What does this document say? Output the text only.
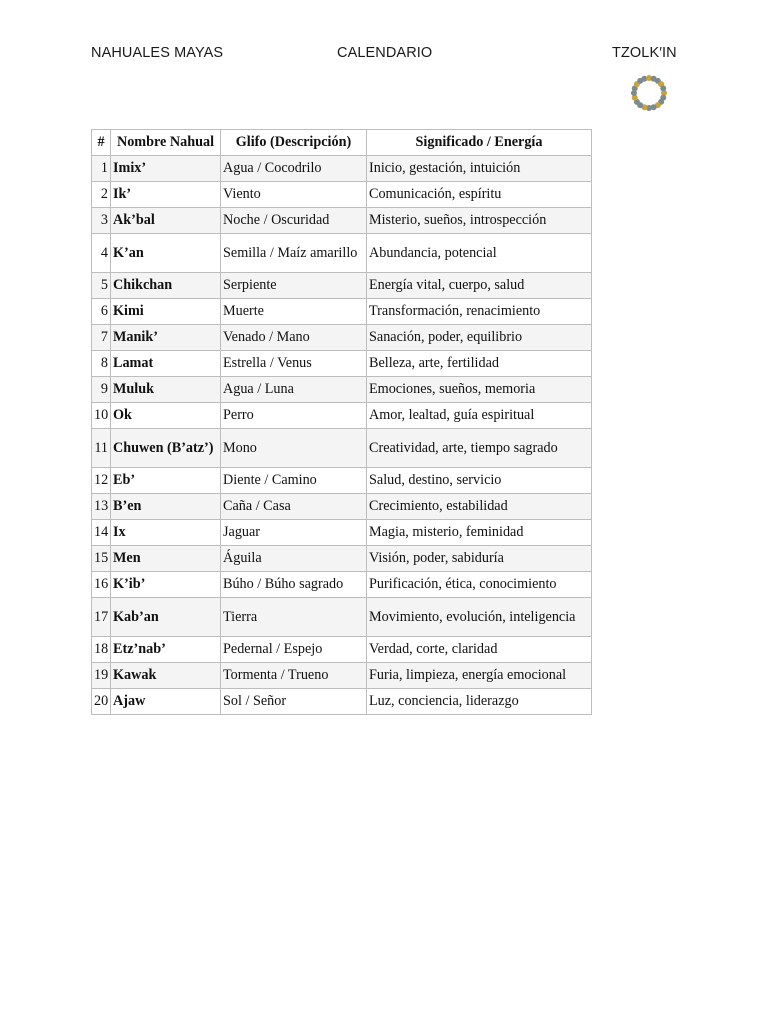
NAHUALES MAYAS	CALENDARIO	TZOLK′IN
#	Nombre Nahual	Glifo (Descripción)	Significado / Energía
1	Imix’	Agua / Cocodrilo	Inicio, gestación, intuición
2	Ik’	Viento	Comunicación, espíritu
3	Ak’bal	Noche / Oscuridad	Misterio, sueños, introspección
4	K’an	Semilla / Maíz amarillo	Abundancia, potencial
5	Chikchan	Serpiente	Energía vital, cuerpo, salud
6	Kimi	Muerte	Transformación, renacimiento
7	Manik’	Venado / Mano	Sanación, poder, equilibrio
8	Lamat	Estrella / Venus	Belleza, arte, fertilidad
9	Muluk	Agua / Luna	Emociones, sueños, memoria
10	Ok	Perro	Amor, lealtad, guía espiritual
11	Chuwen (B’atz’)	Mono	Creatividad, arte, tiempo sagrado
12	Eb’	Diente / Camino	Salud, destino, servicio
13	B’en	Caña / Casa	Crecimiento, estabilidad
14	Ix	Jaguar	Magia, misterio, feminidad
15	Men	Águila	Visión, poder, sabiduría
16	K’ib’	Búho / Búho sagrado	Purificación, ética, conocimiento
17	Kab’an	Tierra	Movimiento, evolución, inteligencia
18	Etz’nab’	Pedernal / Espejo	Verdad, corte, claridad
19	Kawak	Tormenta / Trueno	Furia, limpieza, energía emocional
20	Ajaw	Sol / Señor	Luz, conciencia, liderazgo
